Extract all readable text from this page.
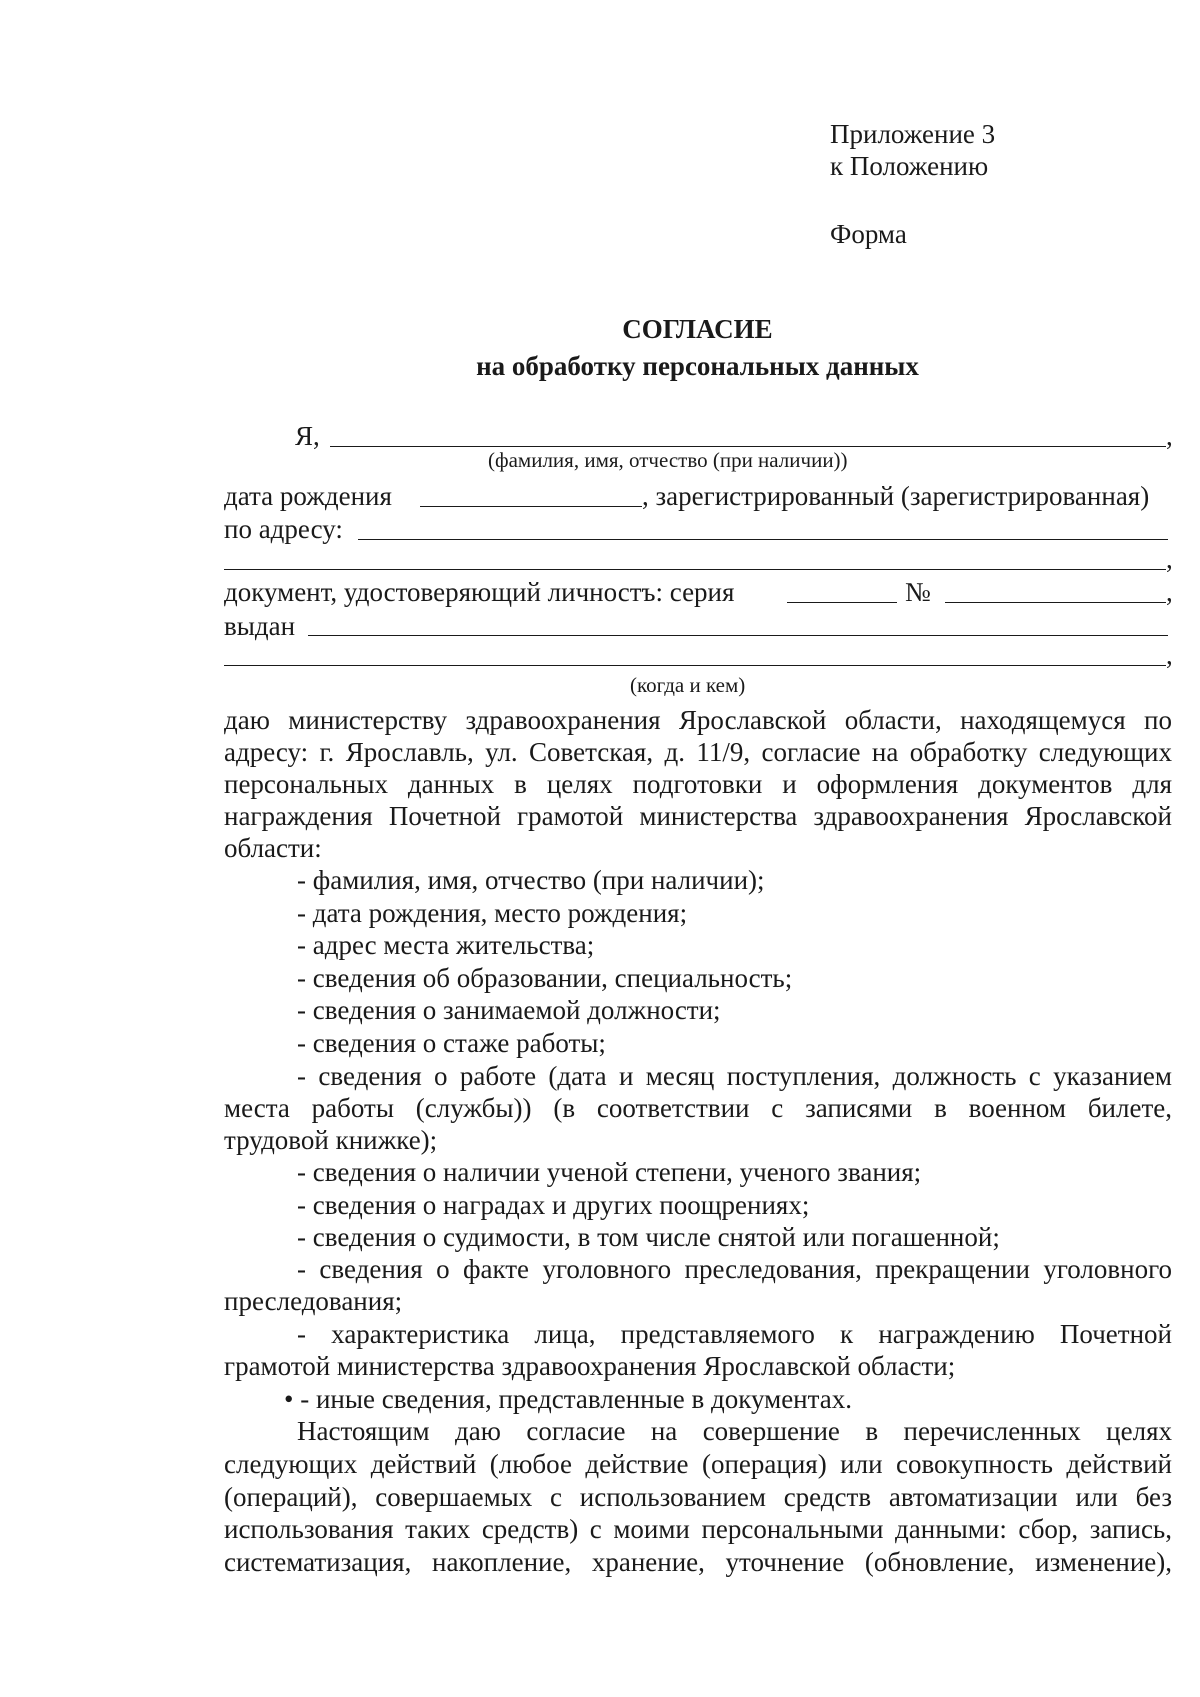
Приложение 3
к Положению
Форма
СОГЛАСИЕ
на обработку персональных данных
Я,	,
(фамилия, имя, отчество (при наличии))
дата рождения	, зарегистрированный (зарегистрированная)
по адресу:
,
документ, удостоверяющий личностъ: серия	№	,
выдан
,
(когда и кем)
даю министерству здравоохранения Ярославской области, находящемуся по
адресу: г. Ярославль, ул. Советская, д. 11/9, согласие на обработку следующих
персональных данных в целях подготовки и оформления документов для
награждения Почетной грамотой министерства здравоохранения Ярославской
области:
- фамилия, имя, отчество (при наличии);
- дата рождения, место рождения;
- адрес места жительства;
- сведения об образовании, специальность;
- сведения о занимаемой должности;
- сведения о стаже работы;
- сведения о работе (дата и месяц поступления, должность с указанием
места работы (службы)) (в соответствии с записями в военном билете,
трудовой книжке);
- сведения о наличии ученой степени, ученого звания;
- сведения о наградах и других поощрениях;
- сведения о судимости, в том числе снятой или погашенной;
- сведения о факте уголовного преследования, прекращении уголовного
преследования;
- характеристика лица, представляемого к награждению Почетной
грамотой министерства здравоохранения Ярославской области;
• - иные сведения, представленные в документах.
Настоящим даю согласие на совершение в перечисленных целях
следующих действий (любое действие (операция) или совокупность действий
(операций), совершаемых с использованием средств автоматизации или без
использования таких средств) с моими персональными данными: сбор, запись,
систематизация, накопление, хранение, уточнение (обновление, изменение),
